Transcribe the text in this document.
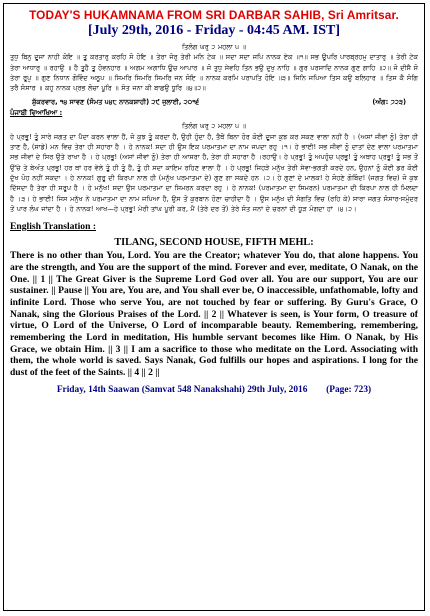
TODAY'S HUKAMNAMA FROM SRI DARBAR SAHIB, Sri Amritsar.
[July 29th, 2016 - Friday - 04:45 AM. IST]
ਤਿਲੰਗ ਘਰੁ ੨ ਮਹਲਾ ੫ ॥
ਤੁਧੁ ਬਿਨੁ ਦੂਜਾ ਨਾਹੀ ਕੋਇ ॥ ਤੂ ਕਰਤਾਰੁ ਕਰਹਿ ਸੋ ਹੋਇ ॥ ਤੇਰਾ ਜੋਰੁ ਤੇਰੀ ਮਨਿ ਟੇਕ ॥ ਸਦਾ ਸਦਾ ਜਪਿ ਨਾਨਕ ਏਕ ॥੧॥ ਸਭ ਊਪਰਿ ਪਾਰਬ੍ਰਹਮੁ ਦਾਤਾਰੁ ॥ ਤੇਰੀ ਟੇਕ ਤੇਰਾ ਆਧਾਰੁ ॥ ਰਹਾਉ ॥ ਹੈ ਤੂਹੈ ਤੂ ਹੋਵਨਹਾਰ ॥ ਅਗਮ ਅਗਾਧਿ ਊਚ ਆਪਾਰ ॥ ਜੋ ਤੁਧੁ ਸੇਵਹਿ ਤਿਨ ਭਉ ਦੁਖੁ ਨਾਹਿ ॥ ਗੁਰ ਪਰਸਾਦਿ ਨਾਨਕ ਗੁਣ ਗਾਹਿ ॥੨॥ ਜੋ ਦੀਸੈ ਸੋ ਤੇਰਾ ਰੂਪੁ ॥ ਗੁਣ ਨਿਧਾਨ ਗੋਵਿੰਦ ਅਨੂਪ ॥ ਸਿਮਰਿ ਸਿਮਰਿ ਸਿਮਰਿ ਜਨ ਸੋਇ ॥ ਨਾਨਕ ਕਰਮਿ ਪਰਾਪਤਿ ਹੋਇ ॥੩॥ ਜਿਨਿ ਜਪਿਆ ਤਿਸ ਕਉ ਬਲਿਹਾਰ ॥ ਤਿਸ ਕੈ ਸੰਗਿ ਤਰੈ ਸੰਸਾਰ ॥ ਕਹੁ ਨਾਨਕ ਪ੍ਰਭ ਲੋਚਾ ਪੂਰਿ ॥ ਸੰਤ ਜਨਾ ਕੀ ਬਾਛਉ ਧੂਰਿ ॥੪॥੨॥
ਸ਼ੁੱਕਰਵਾਰ, ੧੪ ਸਾਵਣ (ਸੰਮਤ ੫੪੮ ਨਾਨਕਸ਼ਾਹੀ) ੨੯ ਜੁਲਾਈ, ੨੦੧੬	(ਅੰਗ: ੭੨੩)
ਪੰਜਾਬੀ ਵਿਆਖਿਆ :
ਤਿਲੰਗ ਘਰੁ ੨ ਮਹਲਾ ੫ ॥
ਹੇ ਪ੍ਰਭੂ! ਤੂੰ ਸਾਰੇ ਜਗਤ ਦਾ ਪੈਦਾ ਕਰਨ ਵਾਲਾ ਹੈਂ, ਜੋ ਕੁਝ ਤੂੰ ਕਰਦਾ ਹੈਂ, ਉਹੀ ਹੁੰਦਾ ਹੈ, ਤੈਥੋਂ ਬਿਨਾ ਹੋਰ ਕੋਈ ਦੂਜਾ ਕੁਝ ਕਰ ਸਕਣ ਵਾਲਾ ਨਹੀਂ ਹੈ । (ਅਸਾਂ ਜੀਵਾਂ ਨੂੰ) ਤੇਰਾ ਹੀ ਤਾਣ ਹੈ, (ਸਾਡੇ) ਮਨ ਵਿਚ ਤੇਰਾ ਹੀ ਸਹਾਰਾ ਹੈ । ਹੇ ਨਾਨਕ! ਸਦਾ ਹੀ ਉਸ ਇਕ ਪਰਮਾਤਮਾ ਦਾ ਨਾਮ ਜਪਦਾ ਰਹੁ ।੧। ਹੇ ਭਾਈ! ਸਭ ਜੀਵਾਂ ਨੂੰ ਦਾਤਾਂ ਦੇਣ ਵਾਲਾ ਪਰਮਾਤਮਾ ਸਭ ਜੀਵਾਂ ਦੇ ਸਿਰ ਉਤੇ ਰਾਖਾ ਹੈ । ਹੇ ਪ੍ਰਭੂ! (ਅਸਾਂ ਜੀਵਾਂ ਨੂੰ) ਤੇਰਾ ਹੀ ਆਸਰਾ ਹੈ, ਤੇਰਾ ਹੀ ਸਹਾਰਾ ਹੈ ।ਰਹਾਉ। ਹੇ ਪ੍ਰਭੂ! ਤੂੰ ਅਪਹੁੰਚ ਪ੍ਰਭੂ! ਤੂੰ ਅਥਾਹ ਪ੍ਰਭੂ! ਤੂੰ ਸਭ ਤੋਂ ਉੱਚੇ ਤੇ ਬੇਅੰਤ ਪ੍ਰਭੂ! ਹਰ ਥਾਂ ਹਰ ਵੇਲੇ ਤੂੰ ਹੀ ਤੂੰ ਹੈਂ, ਤੂੰ ਹੀ ਸਦਾ ਕਾਇਮ ਰਹਿਣ ਵਾਲਾ ਹੈਂ । ਹੇ ਪ੍ਰਭੂ! ਜਿਹੜੇ ਮਨੁੱਖ ਤੇਰੀ ਸੇਵਾ-ਭਗਤੀ ਕਰਦੇ ਹਨ, ਉਹਨਾਂ ਨੂੰ ਕੋਈ ਡਰ ਕੋਈ ਦੁੱਖ ਪੋਹ ਨਹੀਂ ਸਕਦਾ । ਹੇ ਨਾਨਕ! ਗੁਰੂ ਦੀ ਕਿਰਪਾ ਨਾਲ ਹੀ (ਮਨੁੱਖ ਪਰਮਾਤਮਾ ਦੇ) ਗੁਣ ਗਾ ਸਕਦੇ ਹਨ ।੨। ਹੇ ਗੁਣਾਂ ਦੇ ਮਾਲਕ! ਹੇ ਸੋਹਣੇ ਗੋਬਿੰਦ! (ਜਗਤ ਵਿਚ) ਜੋ ਕੁਝ ਦਿੱਸਦਾ ਹੈ ਤੇਰਾ ਹੀ ਸਰੂਪ ਹੈ । ਹੇ ਮਨੁੱਖ! ਸਦਾ ਉਸ ਪਰਮਾਤਮਾ ਦਾ ਸਿਮਰਨ ਕਰਦਾ ਰਹੁ । ਹੇ ਨਾਨਕ! (ਪਰਮਾਤਮਾ ਦਾ ਸਿਮਰਨ) ਪਰਮਾਤਮਾ ਦੀ ਕਿਰਪਾ ਨਾਲ ਹੀ ਮਿਲਦਾ ਹੈ ।੩। ਹੇ ਭਾਈ! ਜਿਸ ਮਨੁੱਖ ਨੇ ਪਰਮਾਤਮਾ ਦਾ ਨਾਮ ਜਪਿਆ ਹੈ, ਉਸ ਤੋਂ ਕੁਰਬਾਨ ਹੋਣਾ ਚਾਹੀਦਾ ਹੈ । ਉਸ ਮਨੁੱਖ ਦੀ ਸੰਗਤਿ ਵਿਚ (ਰਹਿ ਕੇ) ਸਾਰਾ ਜਗਤ ਸੰਸਾਰ-ਸਮੁੰਦਰ ਤੋਂ ਪਾਰ ਲੰਘ ਜਾਂਦਾ ਹੈ । ਹੇ ਨਾਨਕ! ਆਖ—ਹੇ ਪ੍ਰਭੂ! ਮੇਰੀ ਤਾਂਘ ਪੂਰੀ ਕਰ, ਮੈਂ (ਤੇਰੇ ਦਰ ਤੋਂ) ਤੇਰੇ ਸੰਤ ਜਨਾਂ ਦੇ ਚਰਨਾਂ ਦੀ ਧੂੜ ਮੰਗਦਾ ਹਾਂ ।੪।੨।
English Translation :
TILANG, SECOND HOUSE, FIFTH MEHL:
There is no other than You, Lord. You are the Creator; whatever You do, that alone happens. You are the strength, and You are the support of the mind. Forever and ever, meditate, O Nanak, on the One. || 1 || The Great Giver is the Supreme Lord God over all. You are our support, You are our sustainer. || Pause || You are, You are, and You shall ever be, O inaccessible, unfathomable, lofty and infinite Lord. Those who serve You, are not touched by fear or suffering. By Guru's Grace, O Nanak, sing the Glorious Praises of the Lord. || 2 || Whatever is seen, is Your form, O treasure of virtue, O Lord of the Universe, O Lord of incomparable beauty. Remembering, remembering, remembering the Lord in meditation, His humble servant becomes like Him. O Nanak, by His Grace, we obtain Him. || 3 || I am a sacrifice to those who meditate on the Lord. Associating with them, the whole world is saved. Says Nanak, God fulfills our hopes and aspirations. I long for the dust of the feet of the Saints. || 4 || 2 ||
Friday, 14th Saawan (Samvat 548 Nanakshahi) 29th July, 2016        (Page: 723)
